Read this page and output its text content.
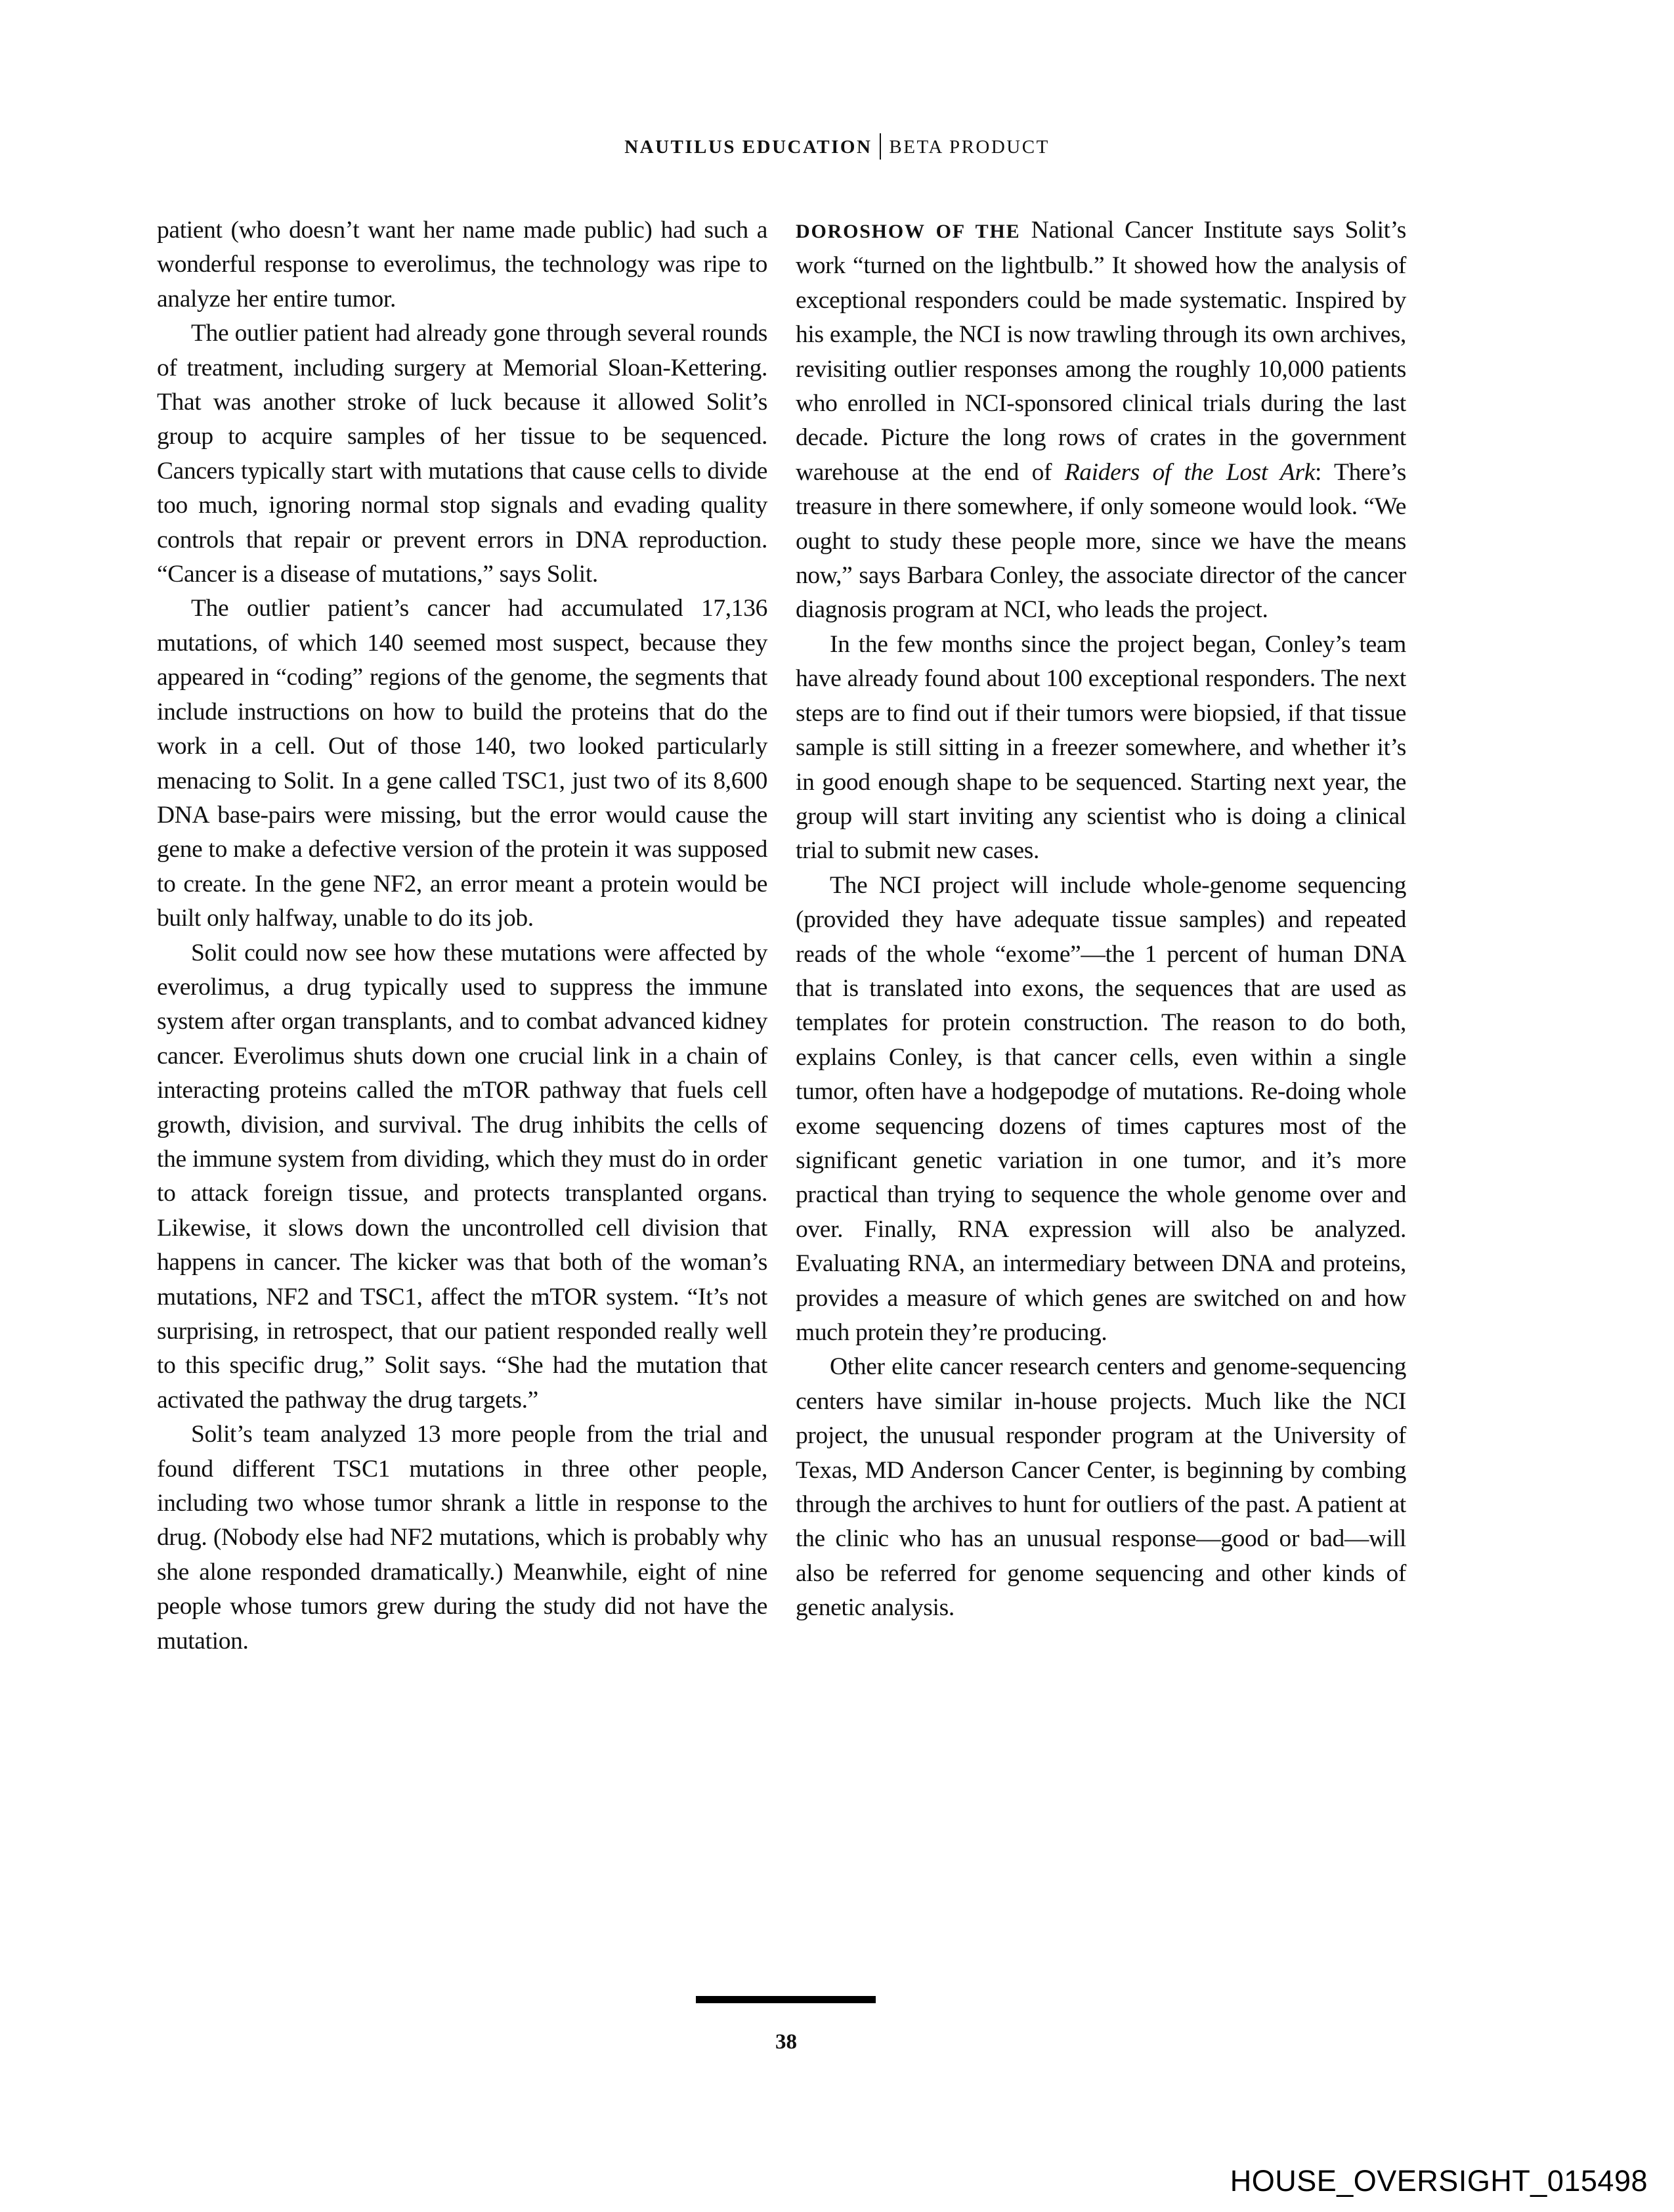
NAUTILUS EDUCATION BETA PRODUCT

patient (who doesn’t want her name made public) had such a wonderful response to everolimus, the technology was ripe to analyze her entire tumor.

The outlier patient had already gone through several rounds of treatment, including surgery at Memorial Sloan-Kettering. That was another stroke of luck because it allowed Solit’s group to acquire samples of her tissue to be sequenced. Cancers typically start with mutations that cause cells to divide too much, ignoring normal stop signals and evading quality controls that repair or prevent errors in DNA reproduction. “Cancer is a disease of mutations,” says Solit.

The outlier patient’s cancer had accumulated 17,136 mutations, of which 140 seemed most suspect, because they appeared in “coding” regions of the genome, the segments that include instructions on how to build the proteins that do the work in a cell. Out of those 140, two looked particularly menacing to Solit. In a gene called TSC1, just two of its 8,600 DNA base-pairs were missing, but the error would cause the gene to make a defective version of the protein it was supposed to create. In the gene NF2, an error meant a protein would be built only halfway, unable to do its job.

Solit could now see how these mutations were affected by everolimus, a drug typically used to suppress the immune system after organ transplants, and to combat advanced kidney cancer. Everolimus shuts down one crucial link in a chain of interacting proteins called the mTOR pathway that fuels cell growth, division, and survival. The drug inhibits the cells of the immune system from dividing, which they must do in order to attack foreign tissue, and protects transplanted organs. Likewise, it slows down the uncontrolled cell division that happens in cancer. The kicker was that both of the woman’s mutations, NF2 and TSC1, affect the mTOR system. “It’s not surprising, in retrospect, that our patient responded really well to this specific drug,” Solit says. “She had the mutation that activated the pathway the drug targets.”

Solit’s team analyzed 13 more people from the trial and found different TSC1 mutations in three other people, including two whose tumor shrank a little in response to the drug. (Nobody else had NF2 mutations, which is probably why she alone responded dramatically.) Meanwhile, eight of nine people whose tumors grew during the study did not have the mutation.

DOROSHOW OF THE National Cancer Institute says Solit’s work “turned on the lightbulb.” It showed how the analysis of exceptional responders could be made systematic. Inspired by his example, the NCI is now trawling through its own archives, revisiting outlier responses among the roughly 10,000 patients who enrolled in NCI-sponsored clinical trials during the last decade. Picture the long rows of crates in the government warehouse at the end of Raiders of the Lost Ark: There’s treasure in there somewhere, if only someone would look. “We ought to study these people more, since we have the means now,” says Barbara Conley, the associate director of the cancer diagnosis program at NCI, who leads the project.

In the few months since the project began, Conley’s team have already found about 100 exceptional responders. The next steps are to find out if their tumors were biopsied, if that tissue sample is still sitting in a freezer somewhere, and whether it’s in good enough shape to be sequenced. Starting next year, the group will start inviting any scientist who is doing a clinical trial to submit new cases.

The NCI project will include whole-genome sequencing (provided they have adequate tissue samples) and repeated reads of the whole “exome”—the 1 percent of human DNA that is translated into exons, the sequences that are used as templates for protein construction. The reason to do both, explains Conley, is that cancer cells, even within a single tumor, often have a hodgepodge of mutations. Re-doing whole exome sequencing dozens of times captures most of the significant genetic variation in one tumor, and it’s more practical than trying to sequence the whole genome over and over. Finally, RNA expression will also be analyzed. Evaluating RNA, an intermediary between DNA and proteins, provides a measure of which genes are switched on and how much protein they’re producing.

Other elite cancer research centers and genome-sequencing centers have similar in-house projects. Much like the NCI project, the unusual responder program at the University of Texas, MD Anderson Cancer Center, is beginning by combing through the archives to hunt for outliers of the past. A patient at the clinic who has an unusual response—good or bad—will also be referred for genome sequencing and other kinds of genetic analysis.

38
HOUSE_OVERSIGHT_015498
